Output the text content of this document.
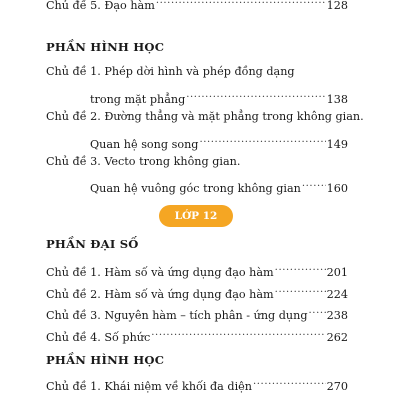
Chủ đề 5. Đạo hàm .....	128
PHẦN HÌNH HỌC
Chủ đề 1. Phép dời hình và phép đồng dạng
trong mặt phẳng .....	138
Chủ đề 2. Đường thẳng và mặt phẳng trong không gian.
Quan hệ song song .....	149
Chủ đề 3. Vecto trong không gian.
Quan hệ vuông góc trong không gian ..... 160
LỚP 12
PHẦN ĐẠI SỐ
Chủ đề 1. Hàm số và ứng dụng đạo hàm .....	201
Chủ đề 2. Hàm số và ứng dụng đạo hàm .....	224
Chủ đề 3. Nguyên hàm – tích phân - ứng dụng ..... 238
Chủ đề 4. Số phức .....	262
PHẦN HÌNH HỌC
Chủ đề 1. Khái niệm về khối đa diện .....	270
